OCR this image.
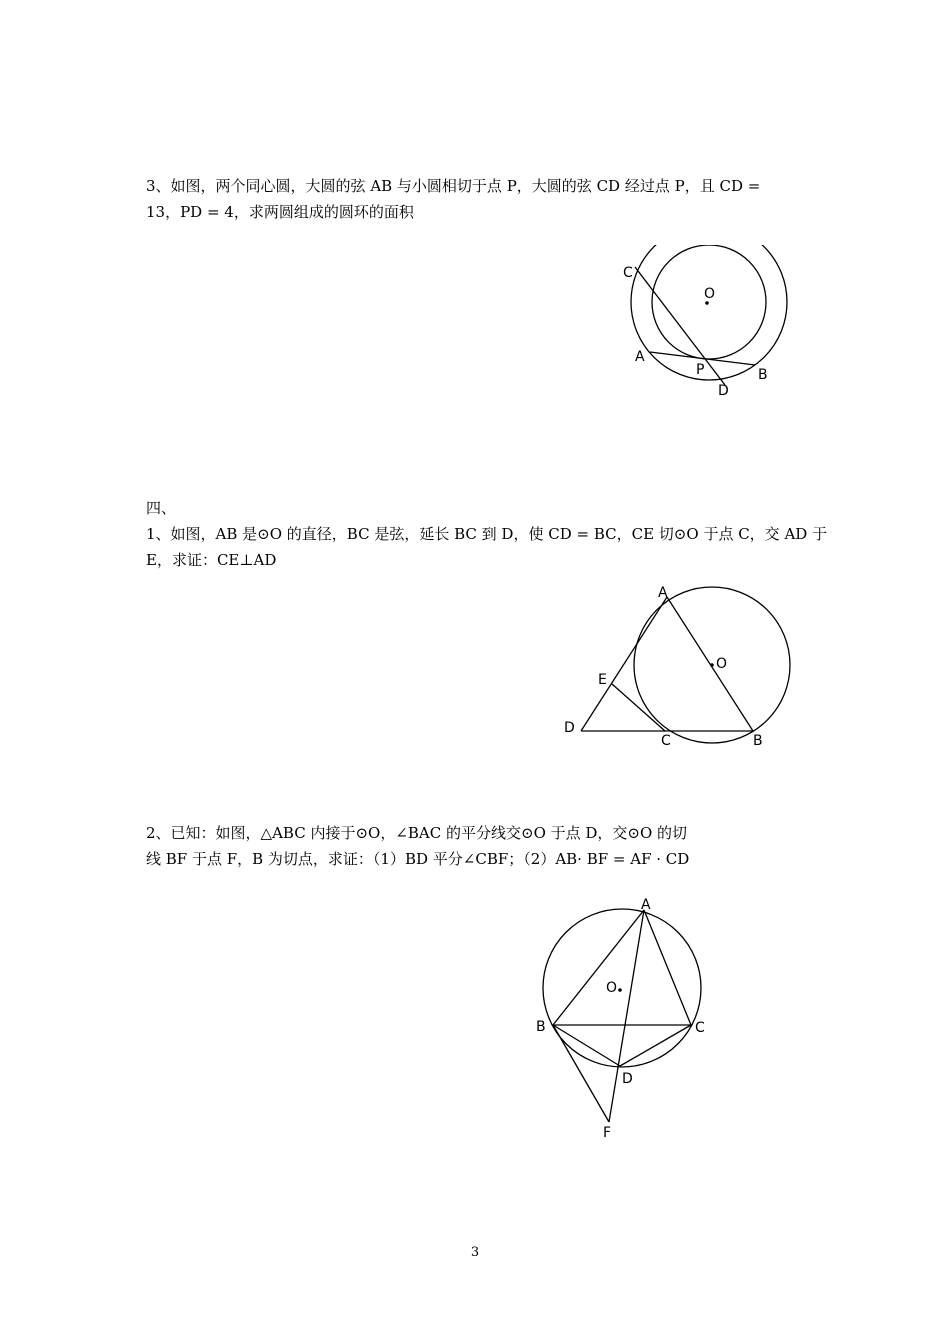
3、如图，两个同心圆，大圆的弦 AB 与小圆相切于点 P，大圆的弦 CD 经过点 P，且 CD =
13，PD = 4，求两圆组成的圆环的面积
C
O
A
P	B
D
四、
1、如图，AB 是⊙O 的直径，BC 是弦，延长 BC 到 D，使 CD = BC，CE 切⊙O 于点 C，交 AD 于
E，求证：CE⊥AD
A
O
E
D
C	B
2、已知：如图，△ABC 内接于⊙O，∠BAC 的平分线交⊙O 于点 D，交⊙O 的切
线 BF 于点 F，B 为切点，求证：（1）BD 平分∠CBF；（2）AB· BF = AF · CD
A
O
B	C
D
F
3
